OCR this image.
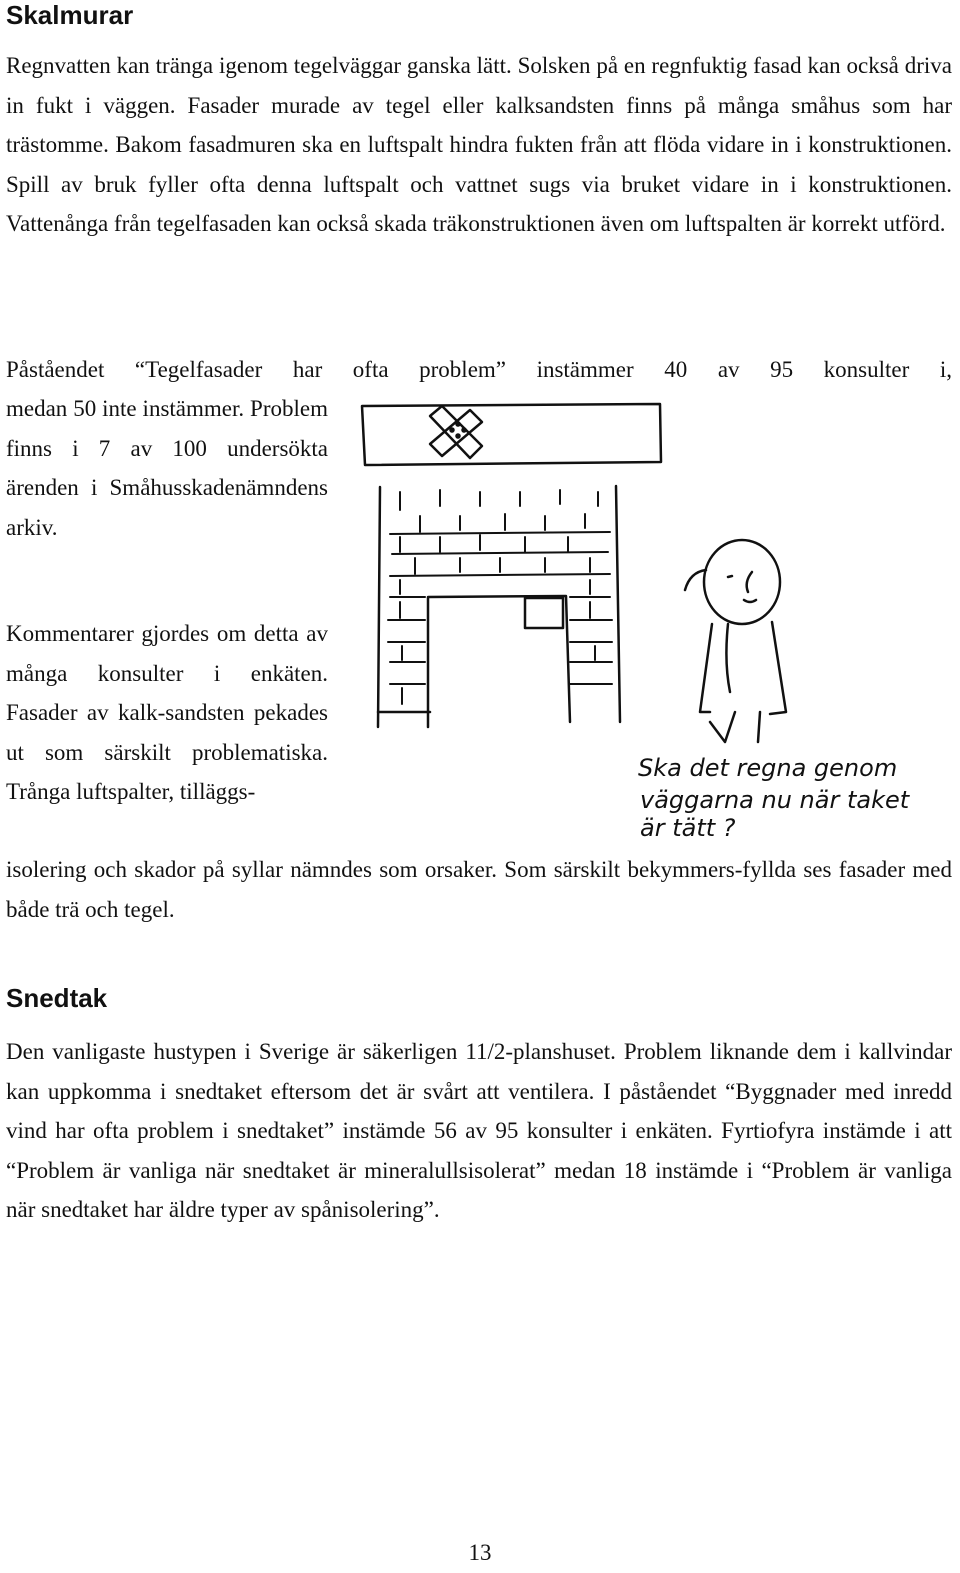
Skalmurar

Regnvatten kan tränga igenom tegelväggar ganska lätt. Solsken på en regnfuktig fasad kan också driva in fukt i väggen. Fasader murade av tegel eller kalksandsten finns på många småhus som har trästomme. Bakom fasadmuren ska en luftspalt hindra fukten från att flöda vidare in i konstruktionen. Spill av bruk fyller ofta denna luftspalt och vattnet sugs via bruket vidare in i konstruktionen. Vattenånga från tegelfasaden kan också skada träkonstruktionen även om luftspalten är korrekt utförd.

Påståendet “Tegelfasader har ofta problem” instämmer 40 av 95 konsulter i,

medan 50 inte instämmer. Problem finns i 7 av 100 undersökta ärenden i Småhusskadenämndens arkiv.

Kommentarer gjordes om detta av många konsulter i enkäten. Fasader av kalk-sandsten pekades ut som särskilt problematiska. Trånga luftspalter, tilläggs-

isolering och skador på syllar nämndes som orsaker. Som särskilt bekymmers-fyllda ses fasader med både trä och tegel.

Ska det regna genom
väggarna nu när taket
är tätt ?
Snedtak

Den vanligaste hustypen i Sverige är säkerligen 11/2-planshuset. Problem liknande dem i kallvindar kan uppkomma i snedtaket eftersom det är svårt att ventilera. I påståendet “Byggnader med inredd vind har ofta problem i snedtaket” instämde 56 av 95 konsulter i enkäten. Fyrtiofyra instämde i att “Problem är vanliga när snedtaket är mineralullsisolerat” medan 18 instämde i “Problem är vanliga när snedtaket har äldre typer av spånisolering”.

13
